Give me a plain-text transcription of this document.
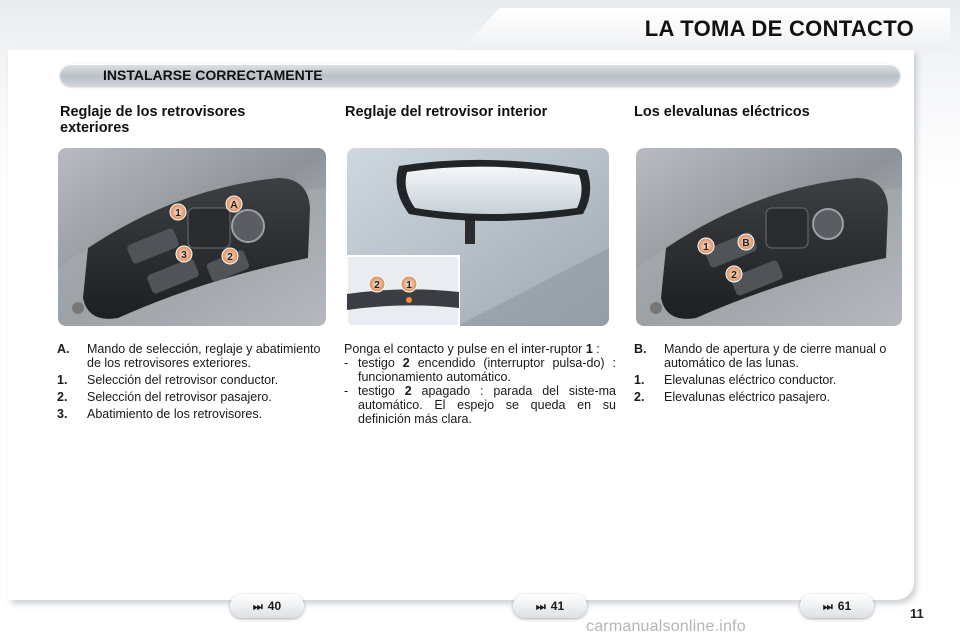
LA TOMA DE CONTACTO
INSTALARSE CORRECTAMENTE
Reglaje de los retrovisores exteriores
Reglaje del retrovisor interior	Los elevalunas eléctricos
1
A
3	2
2	1
1	B
2
A.	Mando de selección, reglaje y abatimiento de los retrovisores exteriores.
1.	Selección del retrovisor conductor.
2.	Selección del retrovisor pasajero.
3.	Abatimiento de los retrovisores.
Ponga el contacto y pulse en el inter-ruptor 1 :
- testigo 2 encendido (interruptor pulsa-do) : funcionamiento automático.
- testigo 2 apagado : parada del siste-ma automático. El espejo se queda en su definición más clara.
B.	Mando de apertura y de cierre manual o automático de las lunas.
1.	Elevalunas eléctrico conductor.
2.	Elevalunas eléctrico pasajero.
⏭ 40	⏭ 41	⏭ 61	11
carmanualsonline.info
